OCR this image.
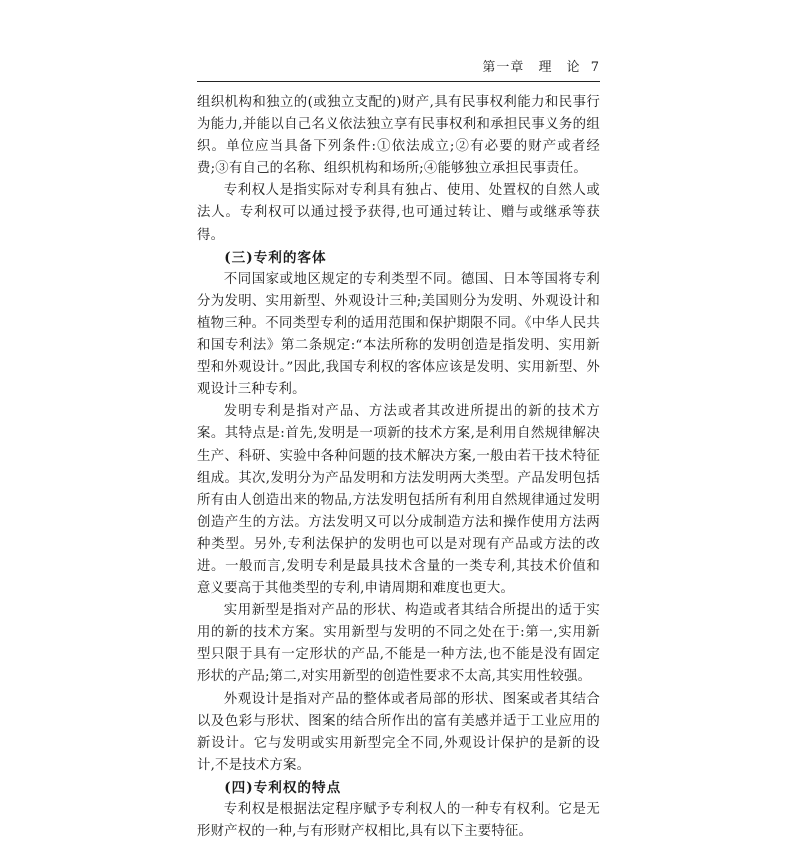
第一章 理　论 7

组织机构和独立的(或独立支配的)财产,具有民事权利能力和民事行为能力,并能以自己名义依法独立享有民事权利和承担民事义务的组织。单位应当具备下列条件:①依法成立;②有必要的财产或者经费;③有自己的名称、组织机构和场所;④能够独立承担民事责任。

专利权人是指实际对专利具有独占、使用、处置权的自然人或法人。专利权可以通过授予获得,也可通过转让、赠与或继承等获得。

(三)专利的客体

不同国家或地区规定的专利类型不同。德国、日本等国将专利分为发明、实用新型、外观设计三种;美国则分为发明、外观设计和植物三种。不同类型专利的适用范围和保护期限不同。《中华人民共和国专利法》第二条规定:“本法所称的发明创造是指发明、实用新型和外观设计。”因此,我国专利权的客体应该是发明、实用新型、外观设计三种专利。

发明专利是指对产品、方法或者其改进所提出的新的技术方案。其特点是:首先,发明是一项新的技术方案,是利用自然规律解决生产、科研、实验中各种问题的技术解决方案,一般由若干技术特征组成。其次,发明分为产品发明和方法发明两大类型。产品发明包括所有由人创造出来的物品,方法发明包括所有利用自然规律通过发明创造产生的方法。方法发明又可以分成制造方法和操作使用方法两种类型。另外,专利法保护的发明也可以是对现有产品或方法的改进。一般而言,发明专利是最具技术含量的一类专利,其技术价值和意义要高于其他类型的专利,申请周期和难度也更大。

实用新型是指对产品的形状、构造或者其结合所提出的适于实用的新的技术方案。实用新型与发明的不同之处在于:第一,实用新型只限于具有一定形状的产品,不能是一种方法,也不能是没有固定形状的产品;第二,对实用新型的创造性要求不太高,其实用性较强。

外观设计是指对产品的整体或者局部的形状、图案或者其结合以及色彩与形状、图案的结合所作出的富有美感并适于工业应用的新设计。它与发明或实用新型完全不同,外观设计保护的是新的设计,不是技术方案。

(四)专利权的特点

专利权是根据法定程序赋予专利权人的一种专有权利。它是无形财产权的一种,与有形财产权相比,具有以下主要特征。
